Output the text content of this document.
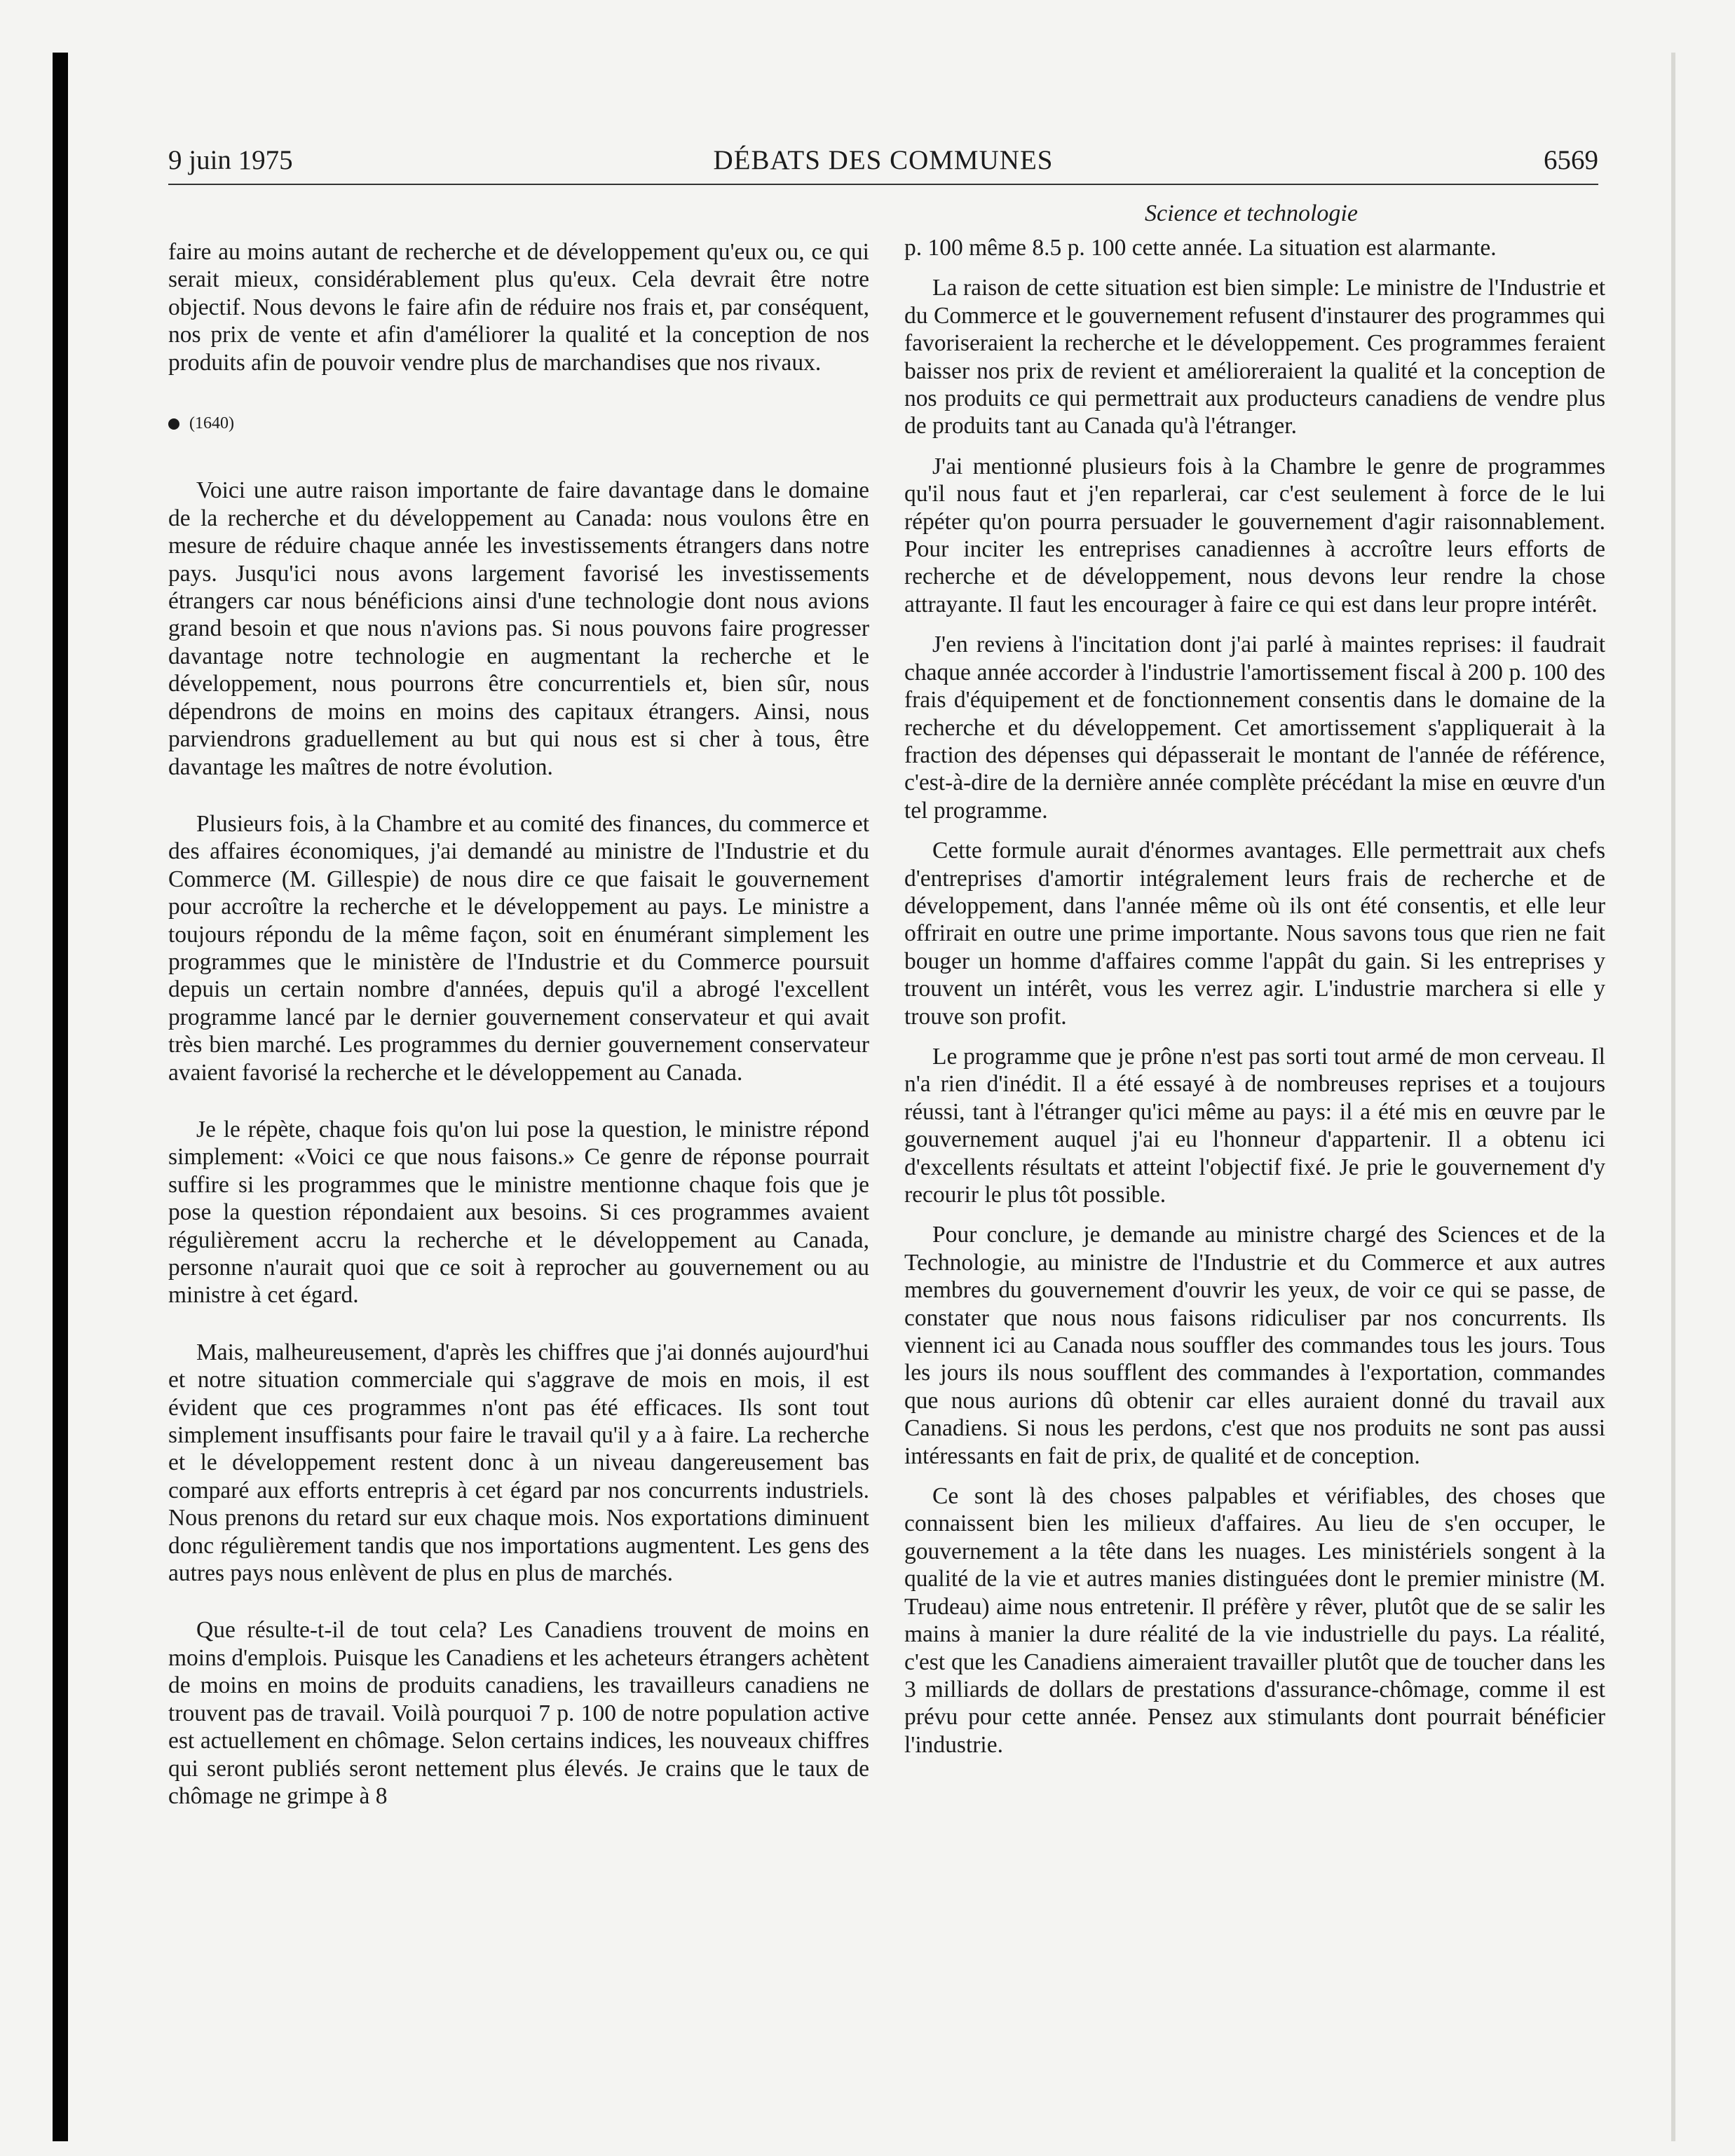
9 juin 1975	DÉBATS DES COMMUNES	6569
Science et technologie

faire au moins autant de recherche et de développement qu'eux ou, ce qui serait mieux, considérablement plus qu'eux. Cela devrait être notre objectif. Nous devons le faire afin de réduire nos frais et, par conséquent, nos prix de vente et afin d'améliorer la qualité et la conception de nos produits afin de pouvoir vendre plus de marchandises que nos rivaux.

(1640)

Voici une autre raison importante de faire davantage dans le domaine de la recherche et du développement au Canada: nous voulons être en mesure de réduire chaque année les investissements étrangers dans notre pays. Jusqu'ici nous avons largement favorisé les investissements étrangers car nous bénéficions ainsi d'une technologie dont nous avions grand besoin et que nous n'avions pas. Si nous pouvons faire progresser davantage notre technologie en augmentant la recherche et le développement, nous pourrons être concurrentiels et, bien sûr, nous dépendrons de moins en moins des capitaux étrangers. Ainsi, nous parviendrons graduellement au but qui nous est si cher à tous, être davantage les maîtres de notre évolution.

Plusieurs fois, à la Chambre et au comité des finances, du commerce et des affaires économiques, j'ai demandé au ministre de l'Industrie et du Commerce (M. Gillespie) de nous dire ce que faisait le gouvernement pour accroître la recherche et le développement au pays. Le ministre a toujours répondu de la même façon, soit en énumérant simplement les programmes que le ministère de l'Industrie et du Commerce poursuit depuis un certain nombre d'années, depuis qu'il a abrogé l'excellent programme lancé par le dernier gouvernement conservateur et qui avait très bien marché. Les programmes du dernier gouvernement conservateur avaient favorisé la recherche et le développement au Canada.

Je le répète, chaque fois qu'on lui pose la question, le ministre répond simplement: «Voici ce que nous faisons.» Ce genre de réponse pourrait suffire si les programmes que le ministre mentionne chaque fois que je pose la question répondaient aux besoins. Si ces programmes avaient régulièrement accru la recherche et le développement au Canada, personne n'aurait quoi que ce soit à reprocher au gouvernement ou au ministre à cet égard.

Mais, malheureusement, d'après les chiffres que j'ai donnés aujourd'hui et notre situation commerciale qui s'aggrave de mois en mois, il est évident que ces programmes n'ont pas été efficaces. Ils sont tout simplement insuffisants pour faire le travail qu'il y a à faire. La recherche et le développement restent donc à un niveau dangereusement bas comparé aux efforts entrepris à cet égard par nos concurrents industriels. Nous prenons du retard sur eux chaque mois. Nos exportations diminuent donc régulièrement tandis que nos importations augmentent. Les gens des autres pays nous enlèvent de plus en plus de marchés.

Que résulte-t-il de tout cela? Les Canadiens trouvent de moins en moins d'emplois. Puisque les Canadiens et les acheteurs étrangers achètent de moins en moins de produits canadiens, les travailleurs canadiens ne trouvent pas de travail. Voilà pourquoi 7 p. 100 de notre population active est actuellement en chômage. Selon certains indices, les nouveaux chiffres qui seront publiés seront nettement plus élevés. Je crains que le taux de chômage ne grimpe à 8

p. 100 même 8.5 p. 100 cette année. La situation est alarmante.

La raison de cette situation est bien simple: Le ministre de l'Industrie et du Commerce et le gouvernement refusent d'instaurer des programmes qui favoriseraient la recherche et le développement. Ces programmes feraient baisser nos prix de revient et amélioreraient la qualité et la conception de nos produits ce qui permettrait aux producteurs canadiens de vendre plus de produits tant au Canada qu'à l'étranger.

J'ai mentionné plusieurs fois à la Chambre le genre de programmes qu'il nous faut et j'en reparlerai, car c'est seulement à force de le lui répéter qu'on pourra persuader le gouvernement d'agir raisonnablement. Pour inciter les entreprises canadiennes à accroître leurs efforts de recherche et de développement, nous devons leur rendre la chose attrayante. Il faut les encourager à faire ce qui est dans leur propre intérêt.

J'en reviens à l'incitation dont j'ai parlé à maintes reprises: il faudrait chaque année accorder à l'industrie l'amortissement fiscal à 200 p. 100 des frais d'équipement et de fonctionnement consentis dans le domaine de la recherche et du développement. Cet amortissement s'appliquerait à la fraction des dépenses qui dépasserait le montant de l'année de référence, c'est-à-dire de la dernière année complète précédant la mise en œuvre d'un tel programme.

Cette formule aurait d'énormes avantages. Elle permettrait aux chefs d'entreprises d'amortir intégralement leurs frais de recherche et de développement, dans l'année même où ils ont été consentis, et elle leur offrirait en outre une prime importante. Nous savons tous que rien ne fait bouger un homme d'affaires comme l'appât du gain. Si les entreprises y trouvent un intérêt, vous les verrez agir. L'industrie marchera si elle y trouve son profit.

Le programme que je prône n'est pas sorti tout armé de mon cerveau. Il n'a rien d'inédit. Il a été essayé à de nombreuses reprises et a toujours réussi, tant à l'étranger qu'ici même au pays: il a été mis en œuvre par le gouvernement auquel j'ai eu l'honneur d'appartenir. Il a obtenu ici d'excellents résultats et atteint l'objectif fixé. Je prie le gouvernement d'y recourir le plus tôt possible.

Pour conclure, je demande au ministre chargé des Sciences et de la Technologie, au ministre de l'Industrie et du Commerce et aux autres membres du gouvernement d'ouvrir les yeux, de voir ce qui se passe, de constater que nous nous faisons ridiculiser par nos concurrents. Ils viennent ici au Canada nous souffler des commandes tous les jours. Tous les jours ils nous soufflent des commandes à l'exportation, commandes que nous aurions dû obtenir car elles auraient donné du travail aux Canadiens. Si nous les perdons, c'est que nos produits ne sont pas aussi intéressants en fait de prix, de qualité et de conception.

Ce sont là des choses palpables et vérifiables, des choses que connaissent bien les milieux d'affaires. Au lieu de s'en occuper, le gouvernement a la tête dans les nuages. Les ministériels songent à la qualité de la vie et autres manies distinguées dont le premier ministre (M. Trudeau) aime nous entretenir. Il préfère y rêver, plutôt que de se salir les mains à manier la dure réalité de la vie industrielle du pays. La réalité, c'est que les Canadiens aimeraient travailler plutôt que de toucher dans les 3 milliards de dollars de prestations d'assurance-chômage, comme il est prévu pour cette année. Pensez aux stimulants dont pourrait bénéficier l'industrie.
